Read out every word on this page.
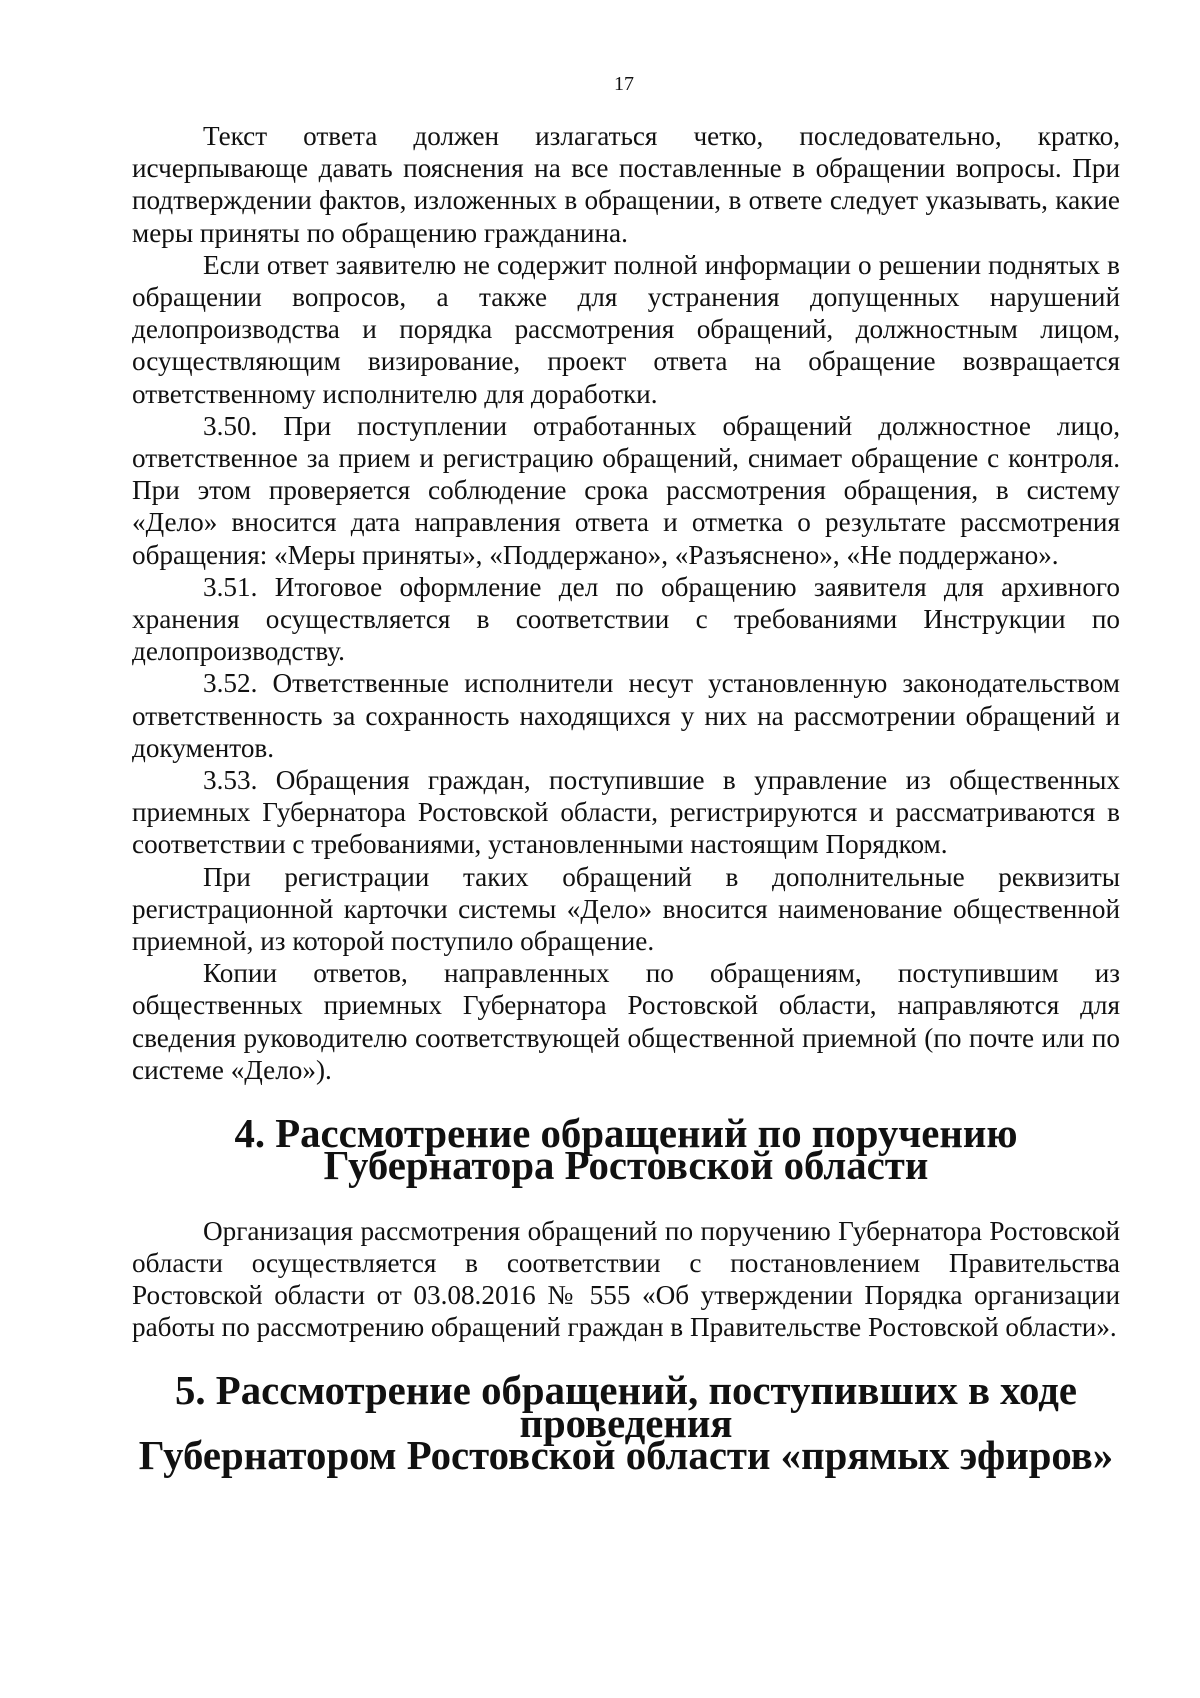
17

Текст ответа должен излагаться четко, последовательно, кратко, исчерпывающе давать пояснения на все поставленные в обращении вопросы. При подтверждении фактов, изложенных в обращении, в ответе следует указывать, какие меры приняты по обращению гражданина.

Если ответ заявителю не содержит полной информации о решении поднятых в обращении вопросов, а также для устранения допущенных нарушений делопроизводства и порядка рассмотрения обращений, должностным лицом, осуществляющим визирование, проект ответа на обращение возвращается ответственному исполнителю для доработки.

3.50. При поступлении отработанных обращений должностное лицо, ответственное за прием и регистрацию обращений, снимает обращение с контроля. При этом проверяется соблюдение срока рассмотрения обращения, в систему «Дело» вносится дата направления ответа и отметка о результате рассмотрения обращения: «Меры приняты», «Поддержано», «Разъяснено», «Не поддержано».

3.51. Итоговое оформление дел по обращению заявителя для архивного хранения осуществляется в соответствии с требованиями Инструкции по делопроизводству.

3.52. Ответственные исполнители несут установленную законодательством ответственность за сохранность находящихся у них на рассмотрении обращений и документов.

3.53. Обращения граждан, поступившие в управление из общественных приемных Губернатора Ростовской области, регистрируются и рассматриваются в соответствии с требованиями, установленными настоящим Порядком.

При регистрации таких обращений в дополнительные реквизиты регистрационной карточки системы «Дело» вносится наименование общественной приемной, из которой поступило обращение.

Копии ответов, направленных по обращениям, поступившим из общественных приемных Губернатора Ростовской области, направляются для сведения руководителю соответствующей общественной приемной (по почте или по системе «Дело»).

4. Рассмотрение обращений по поручению
Губернатора Ростовской области

Организация рассмотрения обращений по поручению Губернатора Ростовской области осуществляется в соответствии с постановлением Правительства Ростовской области от 03.08.2016 № 555 «Об утверждении Порядка организации работы по рассмотрению обращений граждан в Правительстве Ростовской области».

5. Рассмотрение обращений, поступивших в ходе проведения
Губернатором Ростовской области «прямых эфиров»
